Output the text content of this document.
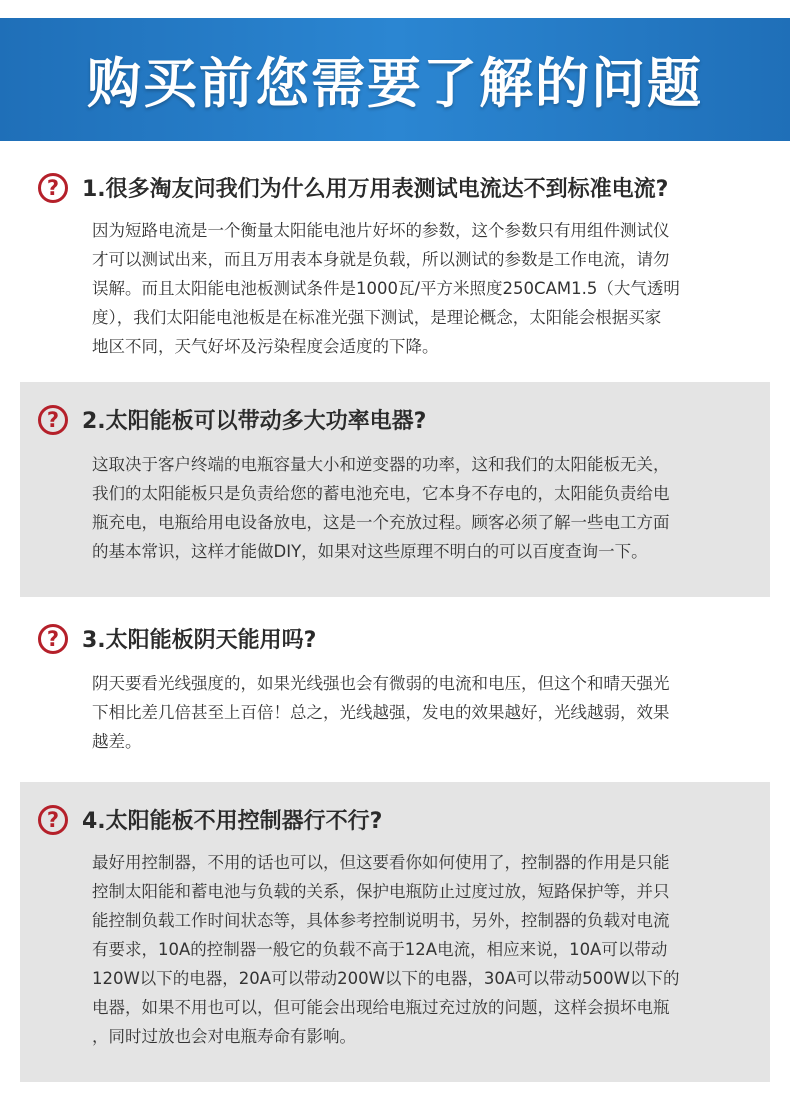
购买前您需要了解的问题
?	1.很多淘友问我们为什么用万用表测试电流达不到标准电流?
因为短路电流是一个衡量太阳能电池片好坏的参数，这个参数只有用组件测试仪
才可以测试出来，而且万用表本身就是负载，所以测试的参数是工作电流，请勿
误解。而且太阳能电池板测试条件是1000瓦/平方米照度250CAM1.5（大气透明
度），我们太阳能电池板是在标准光强下测试，是理论概念，太阳能会根据买家
地区不同，天气好坏及污染程度会适度的下降。
?	2.太阳能板可以带动多大功率电器?
这取决于客户终端的电瓶容量大小和逆变器的功率，这和我们的太阳能板无关，
我们的太阳能板只是负责给您的蓄电池充电，它本身不存电的，太阳能负责给电
瓶充电，电瓶给用电设备放电，这是一个充放过程。顾客必须了解一些电工方面
的基本常识，这样才能做DIY，如果对这些原理不明白的可以百度查询一下。
?	3.太阳能板阴天能用吗?
阴天要看光线强度的，如果光线强也会有微弱的电流和电压，但这个和晴天强光
下相比差几倍甚至上百倍！总之，光线越强，发电的效果越好，光线越弱，效果
越差。
?	4.太阳能板不用控制器行不行?
最好用控制器，不用的话也可以，但这要看你如何使用了，控制器的作用是只能
控制太阳能和蓄电池与负载的关系，保护电瓶防止过度过放，短路保护等，并只
能控制负载工作时间状态等，具体参考控制说明书，另外，控制器的负载对电流
有要求，10A的控制器一般它的负载不高于12A电流，相应来说，10A可以带动
120W以下的电器，20A可以带动200W以下的电器，30A可以带动500W以下的
电器，如果不用也可以，但可能会出现给电瓶过充过放的问题，这样会损坏电瓶
，同时过放也会对电瓶寿命有影响。
